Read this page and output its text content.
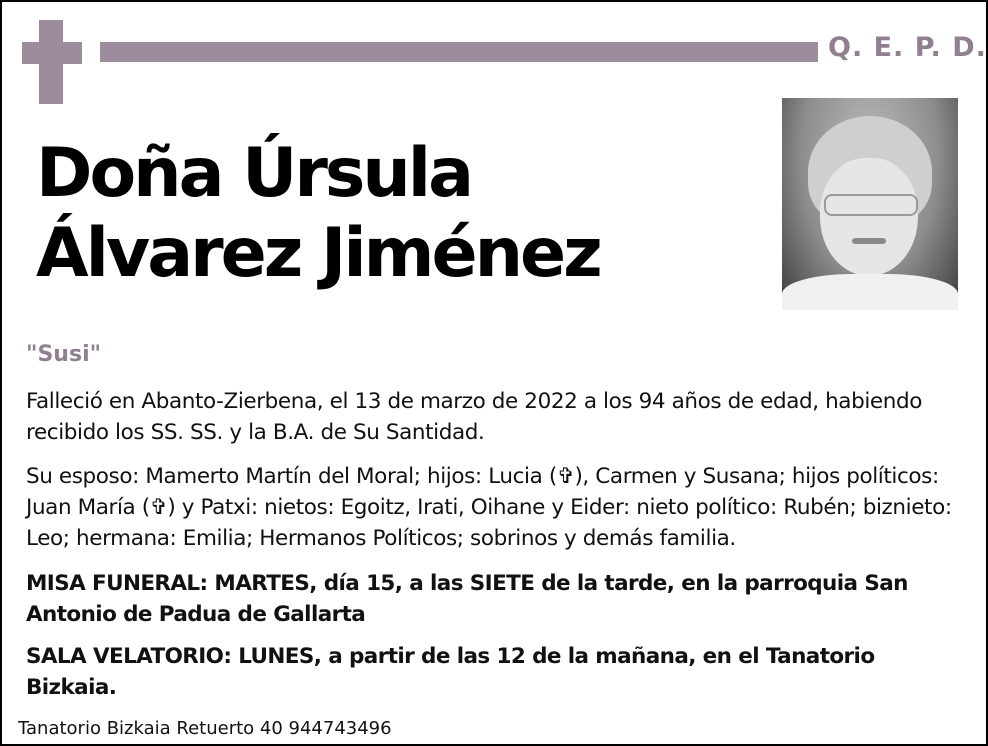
Q. E. P. D.
Doña Úrsula
Álvarez Jiménez
"Susi"
Falleció en Abanto-Zierbena, el 13 de marzo de 2022 a los 94 años de edad, habiendo recibido los SS. SS. y la B.A. de Su Santidad.
Su esposo: Mamerto Martín del Moral; hijos: Lucia (✞), Carmen y Susana; hijos políticos: Juan María (✞) y Patxi: nietos: Egoitz, Irati, Oihane y Eider: nieto político: Rubén; biznieto: Leo; hermana: Emilia; Hermanos Políticos; sobrinos y demás familia.
MISA FUNERAL: MARTES, día 15, a las SIETE de la tarde, en la parroquia San Antonio de Padua de Gallarta
SALA VELATORIO: LUNES, a partir de las 12 de la mañana, en el Tanatorio Bizkaia.
Tanatorio Bizkaia Retuerto 40 944743496
